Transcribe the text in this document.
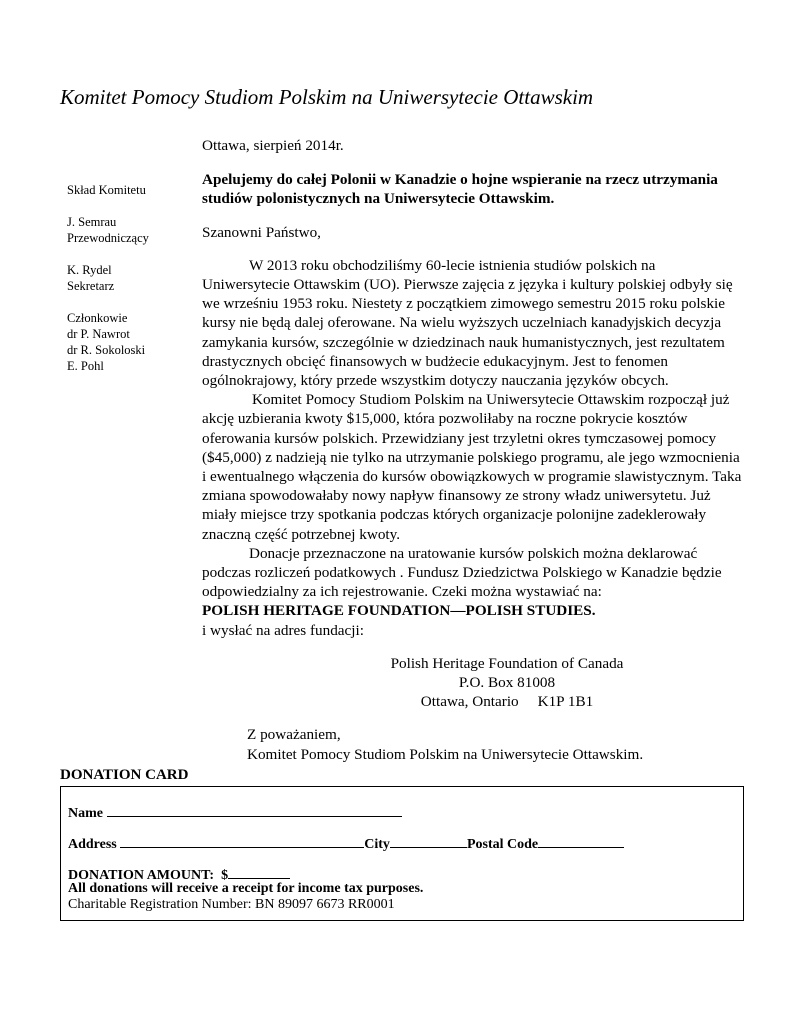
Komitet Pomocy Studiom Polskim na Uniwersytecie Ottawskim
Skład Komitetu
J. Semrau
Przewodniczący
K. Rydel
Sekretarz
Członkowie
dr P. Nawrot
dr R. Sokoloski
E. Pohl
Ottawa, sierpień 2014r.
Apelujemy do całej Polonii w Kanadzie o hojne wspieranie na rzecz utrzymania studiów polonistycznych na Uniwersytecie Ottawskim.
Szanowni Państwo,

W 2013 roku obchodziliśmy 60-lecie istnienia studiów polskich na Uniwersytecie Ottawskim (UO). Pierwsze zajęcia z języka i kultury polskiej odbyły się we wrześniu 1953 roku. Niestety z początkiem zimowego semestru 2015 roku polskie kursy nie będą dalej oferowane. Na wielu wyższych uczelniach kanadyjskich decyzja zamykania kursów, szczególnie w dziedzinach nauk humanistycznych, jest rezultatem drastycznych obcięć finansowych w budżecie edukacyjnym. Jest to fenomen ogólnokrajowy, który przede wszystkim dotyczy nauczania języków obcych.

Komitet Pomocy Studiom Polskim na Uniwersytecie Ottawskim rozpoczął już akcję uzbierania kwoty $15,000, która pozwoliłaby na roczne pokrycie kosztów oferowania kursów polskich. Przewidziany jest trzyletni okres tymczasowej pomocy ($45,000) z nadzieją nie tylko na utrzymanie polskiego programu, ale jego wzmocnienia i ewentualnego włączenia do kursów obowiązkowych w programie slawistycznym. Taka zmiana spowodowałaby nowy napływ finansowy ze strony władz uniwersytetu. Już miały miejsce trzy spotkania podczas których organizacje polonijne zadeklerowały znaczną część potrzebnej kwoty.

Donacje przeznaczone na uratowanie kursów polskich można deklarować podczas rozliczeń podatkowych . Fundusz Dziedzictwa Polskiego w Kanadzie będzie odpowiedzialny za ich rejestrowanie. Czeki można wystawiać na:

POLISH HERITAGE FOUNDATION—POLISH STUDIES.
i wysłać na adres fundacji:
Polish Heritage Foundation of Canada
P.O. Box 81008
Ottawa, Ontario     K1P 1B1
Z poważaniem,
Komitet Pomocy Studiom Polskim na Uniwersytecie Ottawskim.
DONATION CARD
Name
Address	City	Postal Code
DONATION AMOUNT:  $
All donations will receive a receipt for income tax purposes.
Charitable Registration Number: BN 89097 6673 RR0001
